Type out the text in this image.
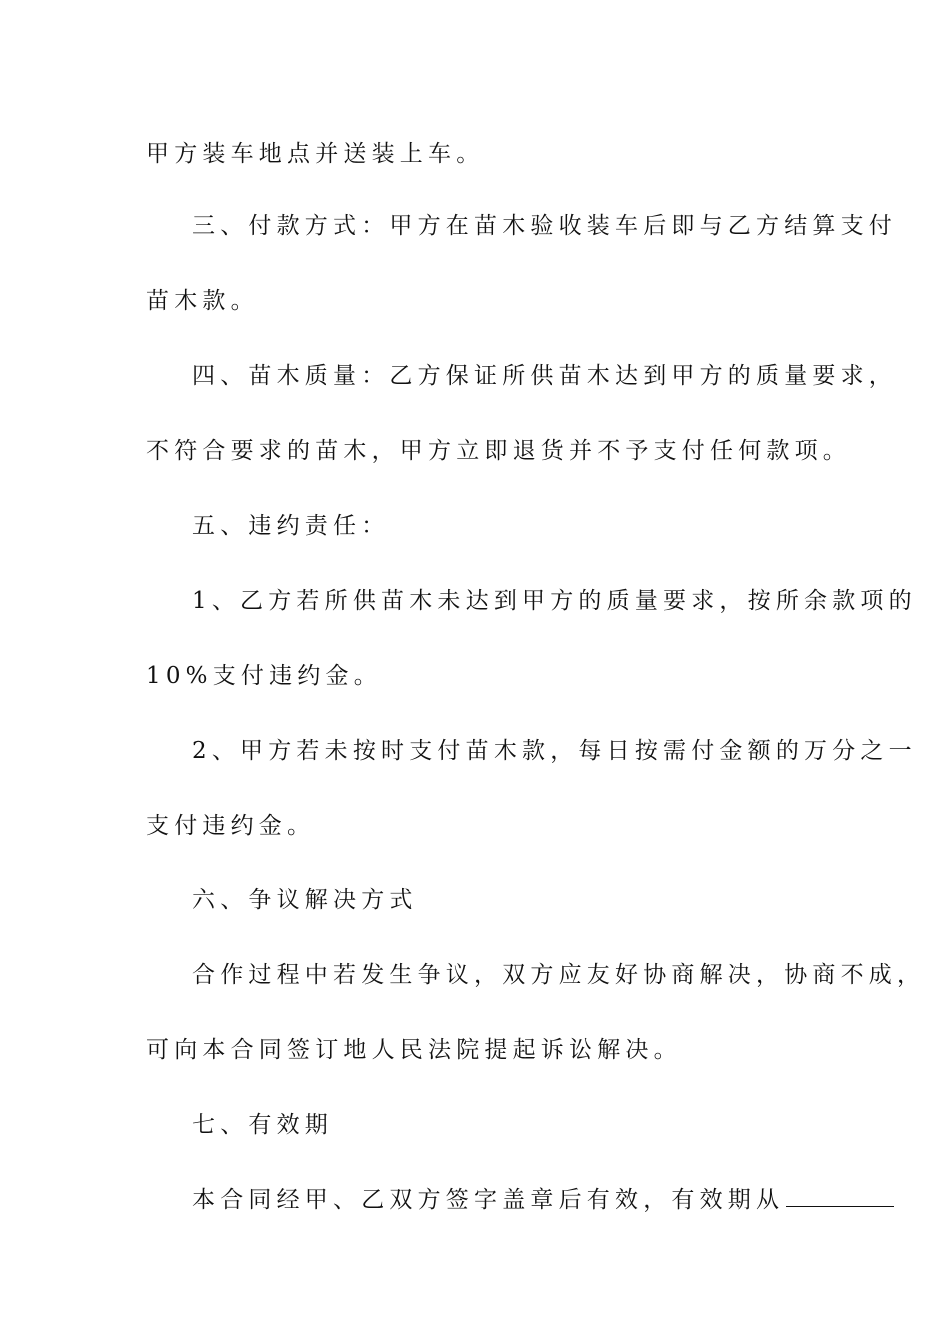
甲方装车地点并送装上车。
三、付款方式：甲方在苗木验收装车后即与乙方结算支付
苗木款。
四、苗木质量：乙方保证所供苗木达到甲方的质量要求，
不符合要求的苗木，甲方立即退货并不予支付任何款项。
五、违约责任：
1、乙方若所供苗木未达到甲方的质量要求，按所余款项的
10%支付违约金。
2、甲方若未按时支付苗木款，每日按需付金额的万分之一
支付违约金。
六、争议解决方式
合作过程中若发生争议，双方应友好协商解决，协商不成，
可向本合同签订地人民法院提起诉讼解决。
七、有效期
本合同经甲、乙双方签字盖章后有效，有效期从
